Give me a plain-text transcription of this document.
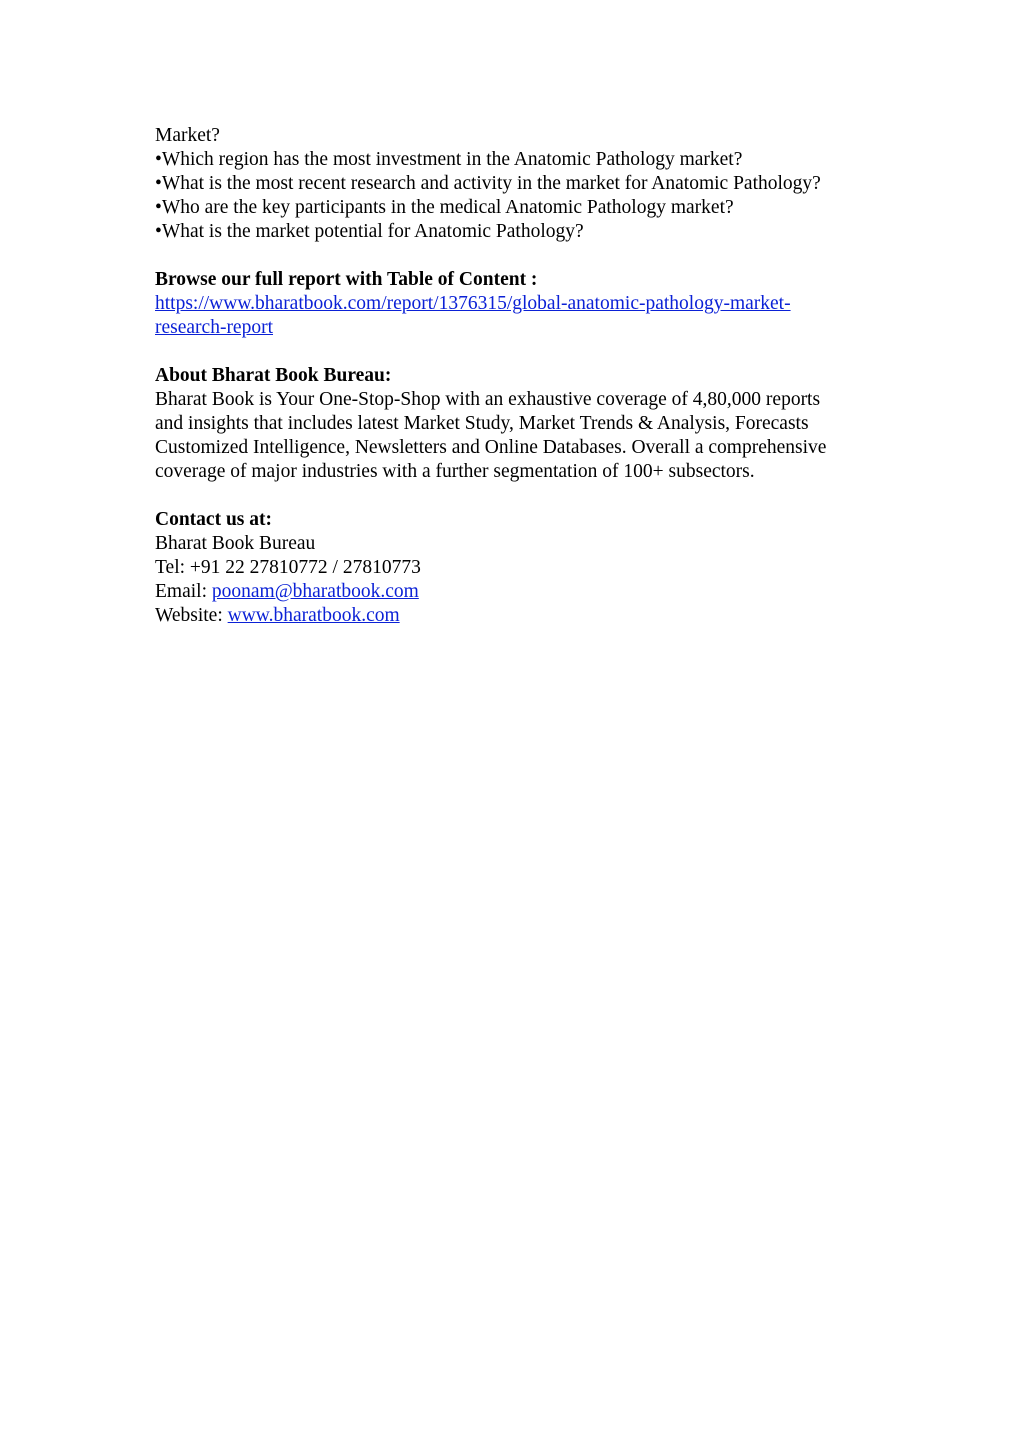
Market?
•Which region has the most investment in the Anatomic Pathology market?
•What is the most recent research and activity in the market for Anatomic Pathology?
•Who are the key participants in the medical Anatomic Pathology market?
•What is the market potential for Anatomic Pathology?
Browse our full report with Table of Content :
https://www.bharatbook.com/report/1376315/global-anatomic-pathology-market-
research-report
About Bharat Book Bureau:
Bharat Book is Your One-Stop-Shop with an exhaustive coverage of 4,80,000 reports
and insights that includes latest Market Study, Market Trends & Analysis, Forecasts
Customized Intelligence, Newsletters and Online Databases. Overall a comprehensive
coverage of major industries with a further segmentation of 100+ subsectors.
Contact us at:
Bharat Book Bureau
Tel: +91 22 27810772 / 27810773
Email: poonam@bharatbook.com
Website: www.bharatbook.com
